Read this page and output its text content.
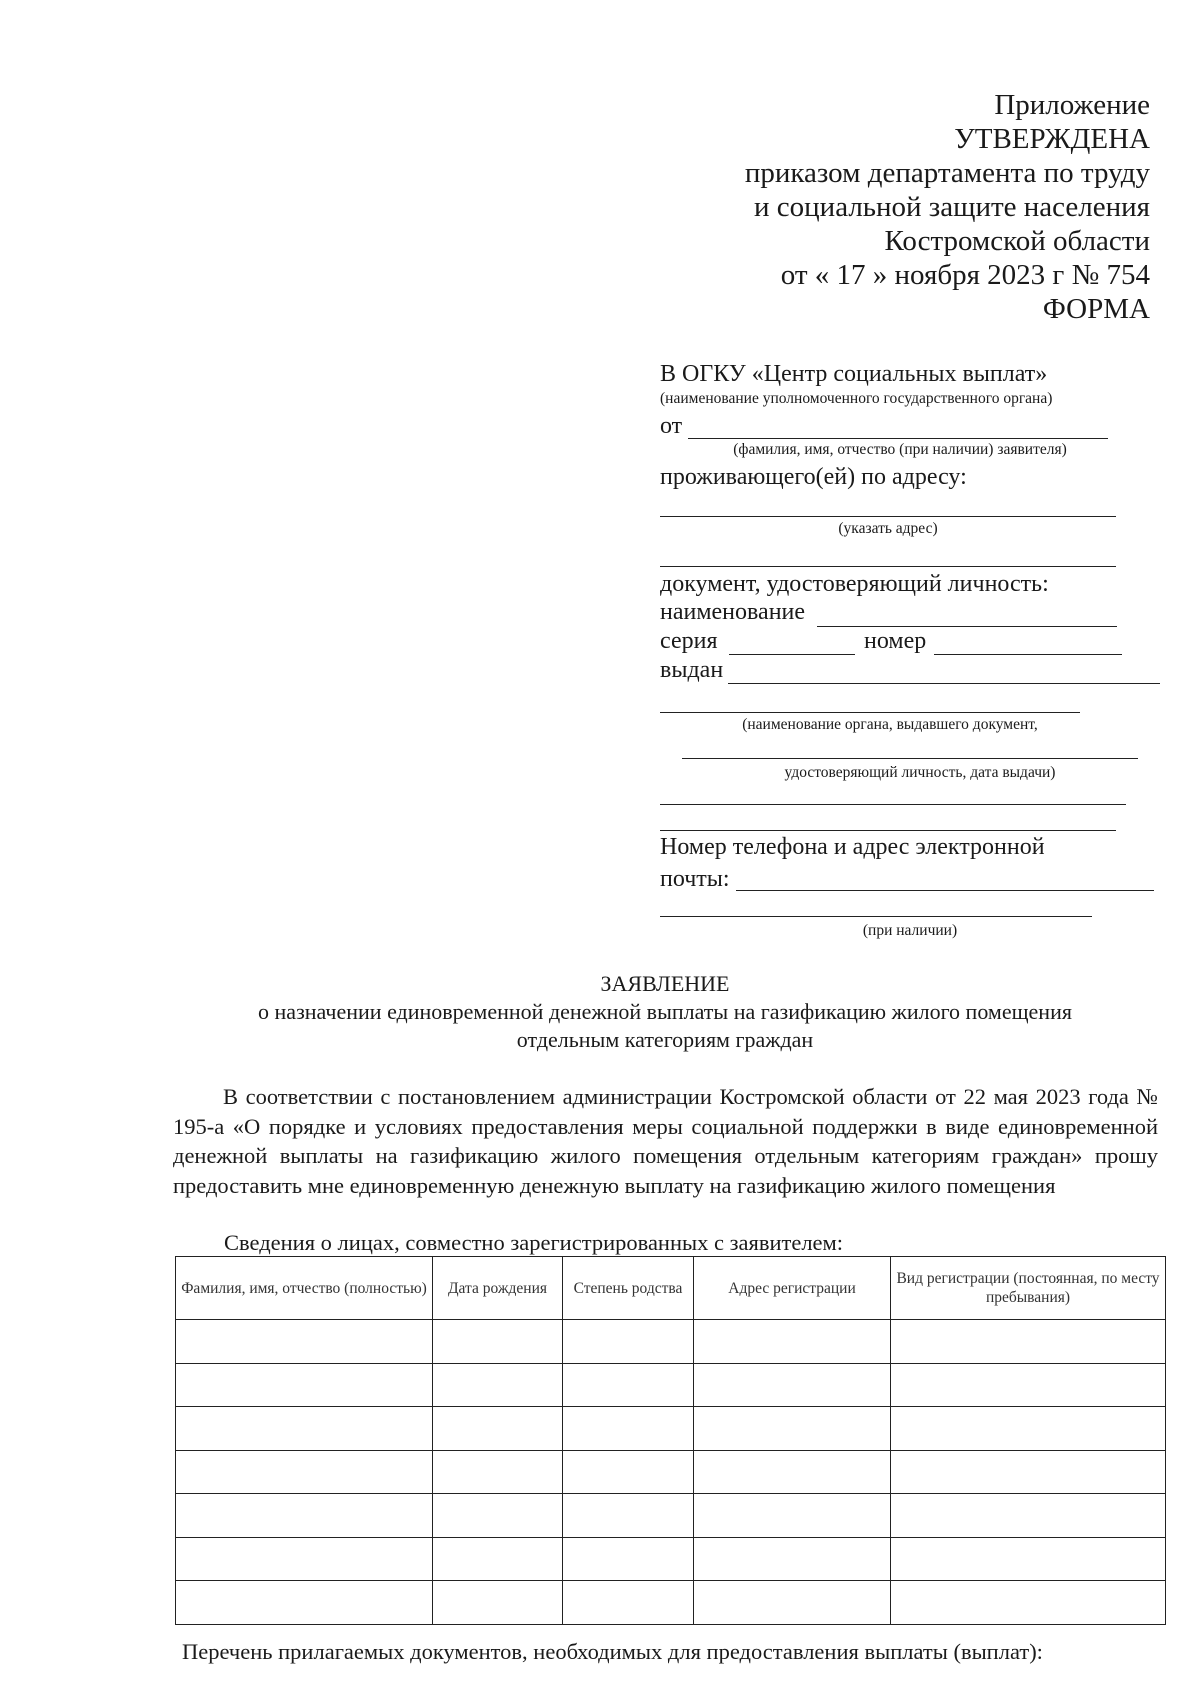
Приложение
УТВЕРЖДЕНА
приказом департамента по труду
и социальной защите населения
Костромской области
от « 17 » ноября 2023 г № 754
ФОРМА
В ОГКУ «Центр социальных выплат»
(наименование уполномоченного государственного органа)
от
(фамилия, имя, отчество (при наличии) заявителя)
проживающего(ей) по адресу:
(указать адрес)
документ, удостоверяющий личность:
наименование
серия	номер
выдан
(наименование органа, выдавшего документ,
удостоверяющий личность, дата выдачи)
Номер телефона и адрес электронной
почты:
(при наличии)
ЗАЯВЛЕНИЕ
о назначении единовременной денежной выплаты на газификацию жилого помещения
отдельным категориям граждан
В соответствии с постановлением администрации Костромской области от 22 мая 2023 года № 195-а «О порядке и условиях предоставления меры социальной поддержки в виде единовременной денежной выплаты на газификацию жилого помещения отдельным категориям граждан» прошу предоставить мне единовременную денежную выплату на газификацию жилого помещения
Сведения о лицах, совместно зарегистрированных с заявителем:
Фамилия, имя, отчество (полностью)	Дата рождения	Степень родства	Адрес регистрации	Вид регистрации (постоянная, по месту пребывания)

Перечень прилагаемых документов, необходимых для предоставления выплаты (выплат):
